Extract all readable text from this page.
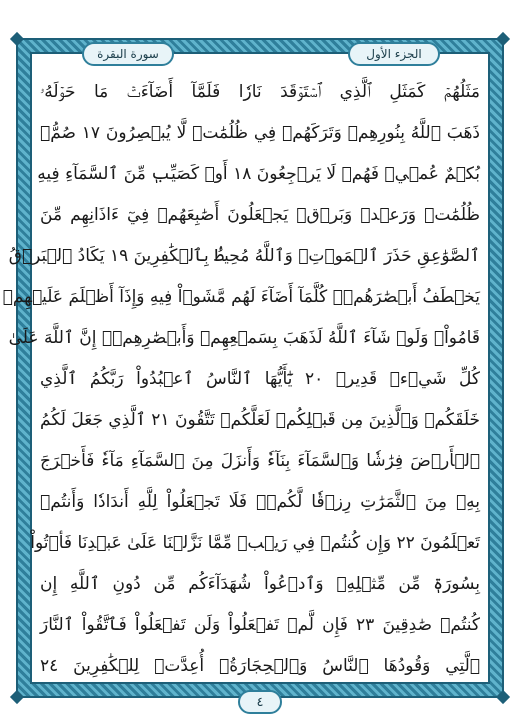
مَثَلُهُمۡ كَمَثَلِ ٱلَّذِي ٱسۡتَوۡقَدَ نَارٗا فَلَمَّآ أَضَآءَتۡ مَا حَوۡلَهُۥ
ذَهَبَ ٱللَّهُ بِنُورِهِمۡ وَتَرَكَهُمۡ فِي ظُلُمَٰتٖ لَّا يُبۡصِرُونَ ١٧ صُمُّۢ
بُكۡمٌ عُمۡيٞ فَهُمۡ لَا يَرۡجِعُونَ ١٨ أَوۡ كَصَيِّبٖ مِّنَ ٱلسَّمَآءِ فِيهِ
ظُلُمَٰتٞ وَرَعۡدٞ وَبَرۡقٞ يَجۡعَلُونَ أَصَٰبِعَهُمۡ فِيٓ ءَاذَانِهِم مِّنَ
ٱلصَّوَٰعِقِ حَذَرَ ٱلۡمَوۡتِۚ وَٱللَّهُ مُحِيطُۢ بِٱلۡكَٰفِرِينَ ١٩ يَكَادُ ٱلۡبَرۡقُ
يَخۡطَفُ أَبۡصَٰرَهُمۡۖ كُلَّمَآ أَضَآءَ لَهُم مَّشَوۡاْ فِيهِ وَإِذَآ أَظۡلَمَ عَلَيۡهِمۡ
قَامُواْۚ وَلَوۡ شَآءَ ٱللَّهُ لَذَهَبَ بِسَمۡعِهِمۡ وَأَبۡصَٰرِهِمۡۚ إِنَّ ٱللَّهَ عَلَىٰ
كُلِّ شَيۡءٖ قَدِيرٞ ٢٠ يَٰٓأَيُّهَا ٱلنَّاسُ ٱعۡبُدُواْ رَبَّكُمُ ٱلَّذِي
خَلَقَكُمۡ وَٱلَّذِينَ مِن قَبۡلِكُمۡ لَعَلَّكُمۡ تَتَّقُونَ ٢١ ٱلَّذِي جَعَلَ لَكُمُ
ٱلۡأَرۡضَ فِرَٰشٗا وَٱلسَّمَآءَ بِنَآءٗ وَأَنزَلَ مِنَ ٱلسَّمَآءِ مَآءٗ فَأَخۡرَجَ
بِهِۦ مِنَ ٱلثَّمَرَٰتِ رِزۡقٗا لَّكُمۡۖ فَلَا تَجۡعَلُواْ لِلَّهِ أَندَادٗا وَأَنتُمۡ
تَعۡلَمُونَ ٢٢ وَإِن كُنتُمۡ فِي رَيۡبٖ مِّمَّا نَزَّلۡنَا عَلَىٰ عَبۡدِنَا فَأۡتُواْ
بِسُورَةٖ مِّن مِّثۡلِهِۦ وَٱدۡعُواْ شُهَدَآءَكُم مِّن دُونِ ٱللَّهِ إِن
كُنتُمۡ صَٰدِقِينَ ٢٣ فَإِن لَّمۡ تَفۡعَلُواْ وَلَن تَفۡعَلُواْ فَٱتَّقُواْ ٱلنَّارَ
ٱلَّتِي وَقُودُهَا ٱلنَّاسُ وَٱلۡحِجَارَةُۖ أُعِدَّتۡ لِلۡكَٰفِرِينَ ٢٤
الجزء الأول
سورة البقرة
٤
